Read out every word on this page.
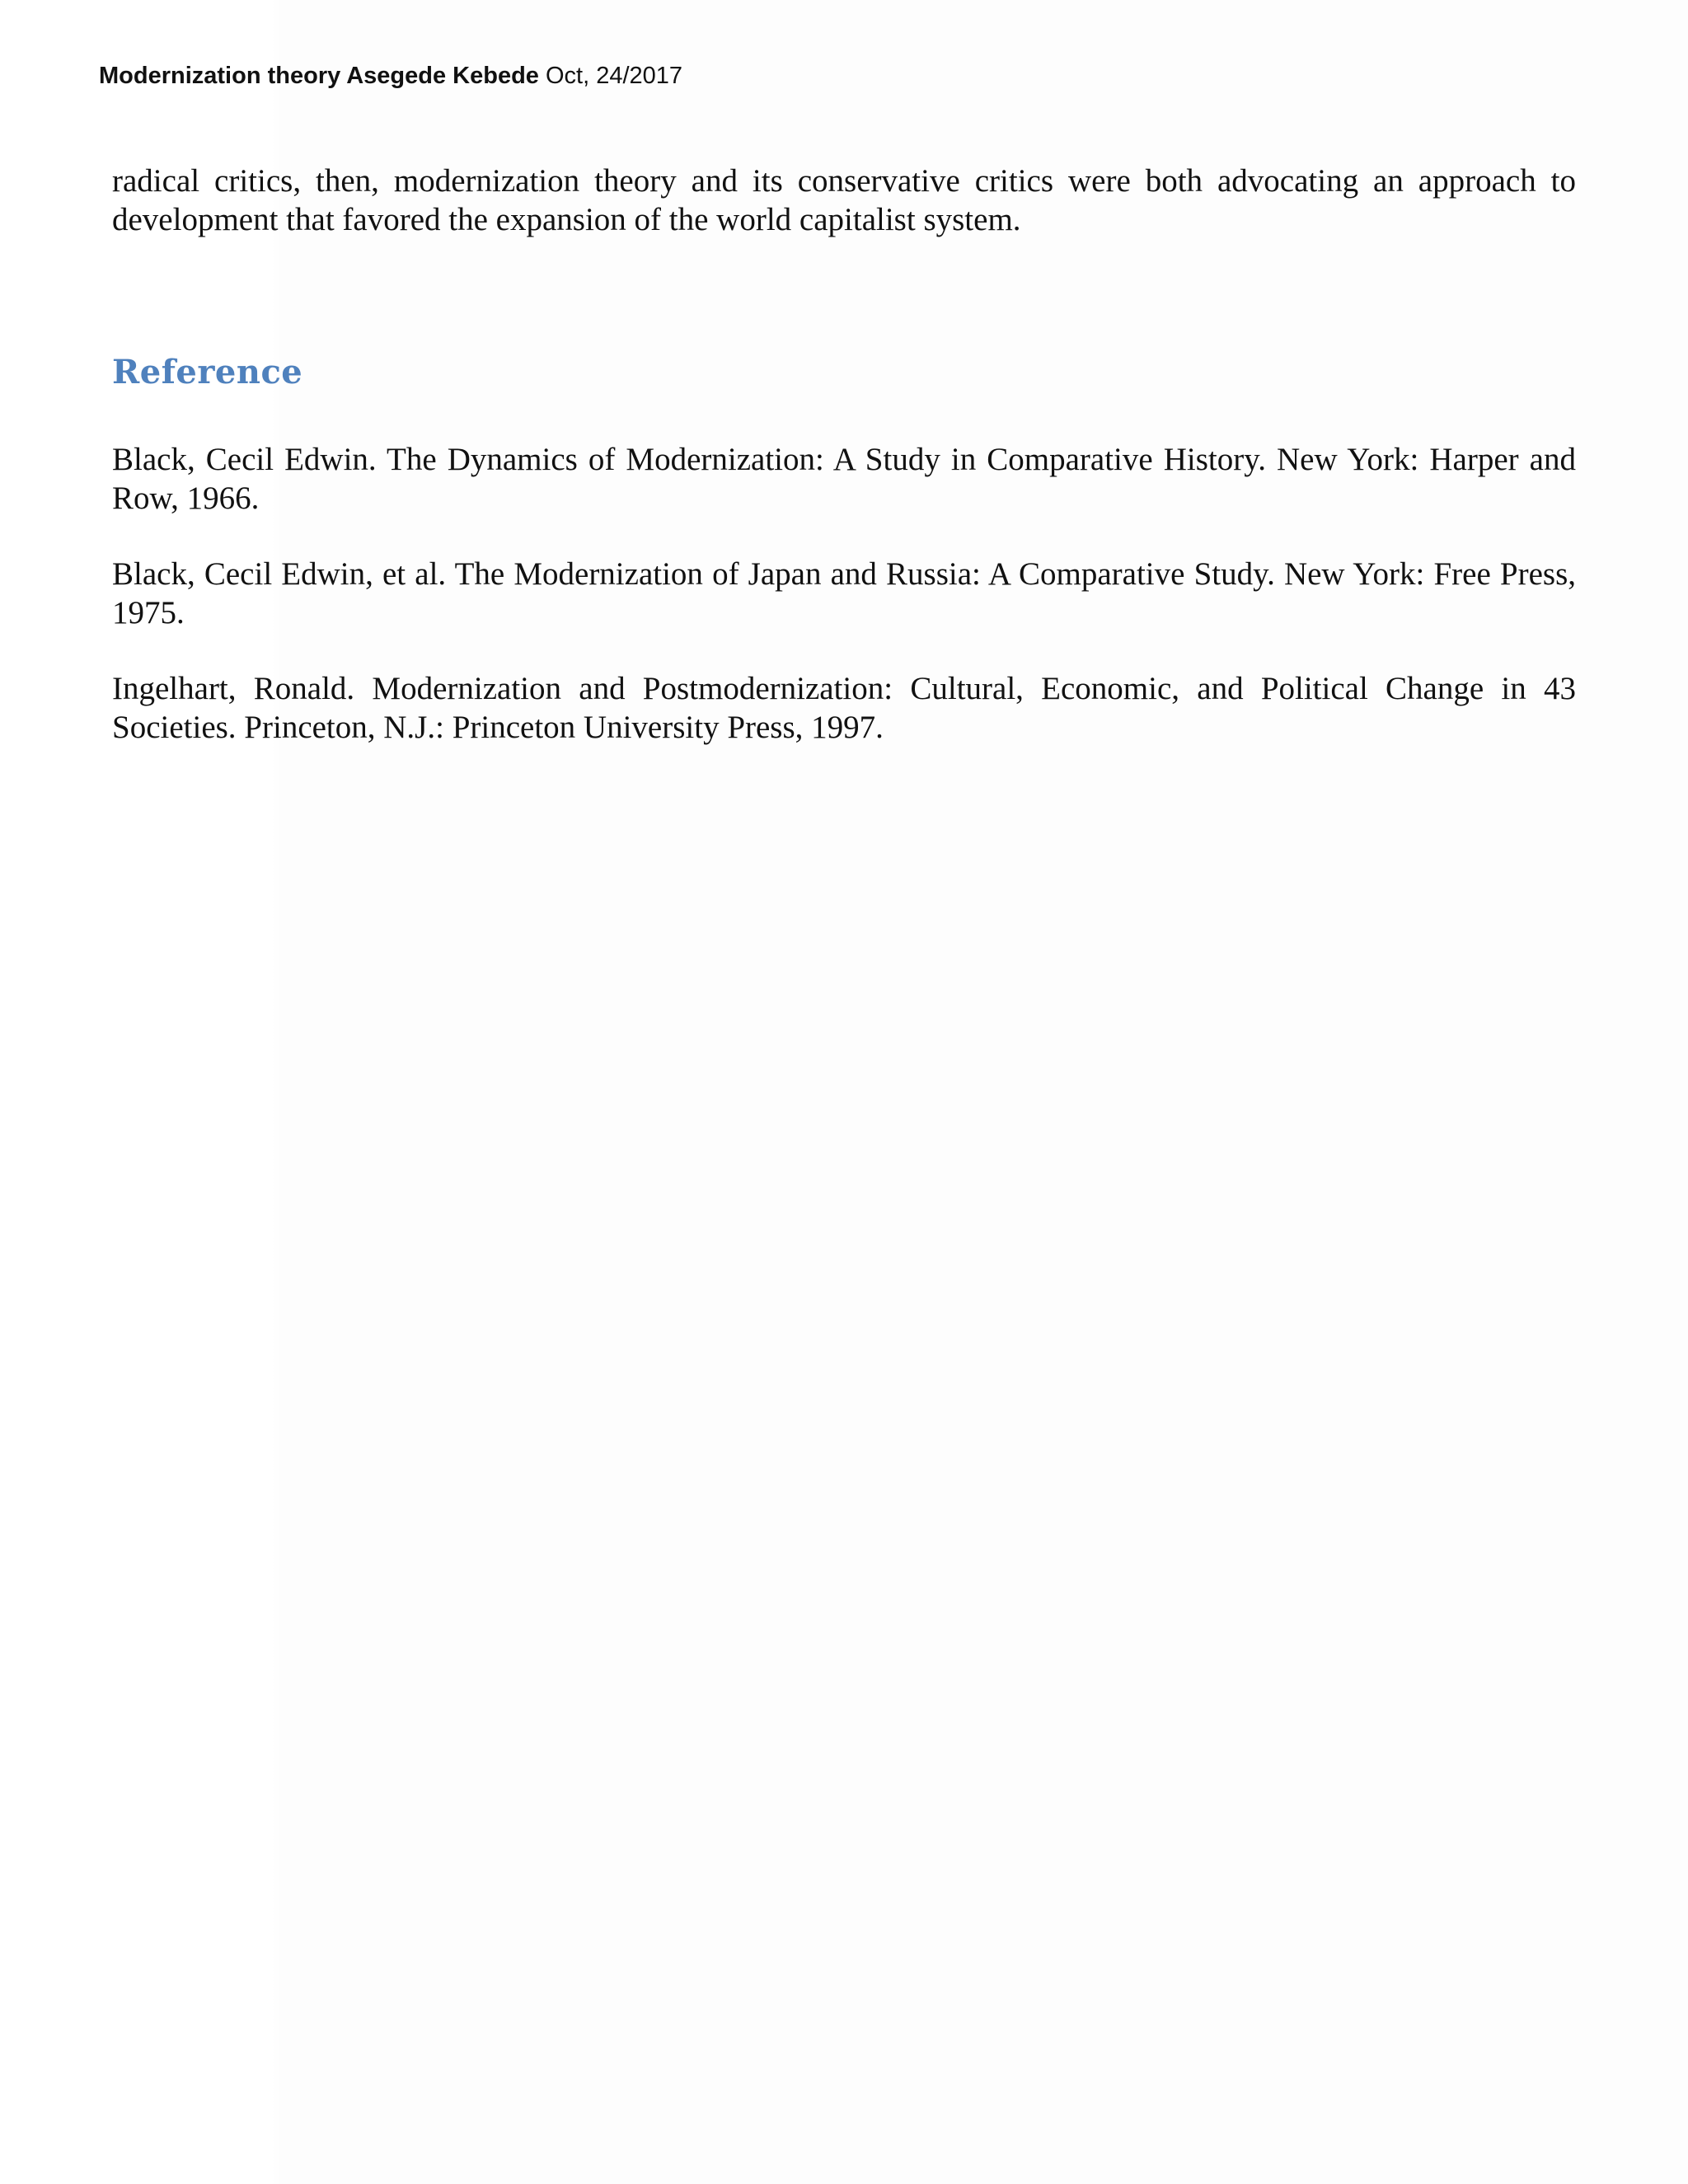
Modernization theory Asegede Kebede Oct, 24/2017
radical critics, then, modernization theory and its conservative critics were both advocating an approach to development that favored the expansion of the world capitalist system.
Reference
Black, Cecil Edwin. The Dynamics of Modernization: A Study in Comparative History. New York: Harper and Row, 1966.
Black, Cecil Edwin, et al. The Modernization of Japan and Russia: A Comparative Study. New York: Free Press, 1975.
Ingelhart, Ronald. Modernization and Postmodernization: Cultural, Economic, and Political Change in 43 Societies. Princeton, N.J.: Princeton University Press, 1997.
